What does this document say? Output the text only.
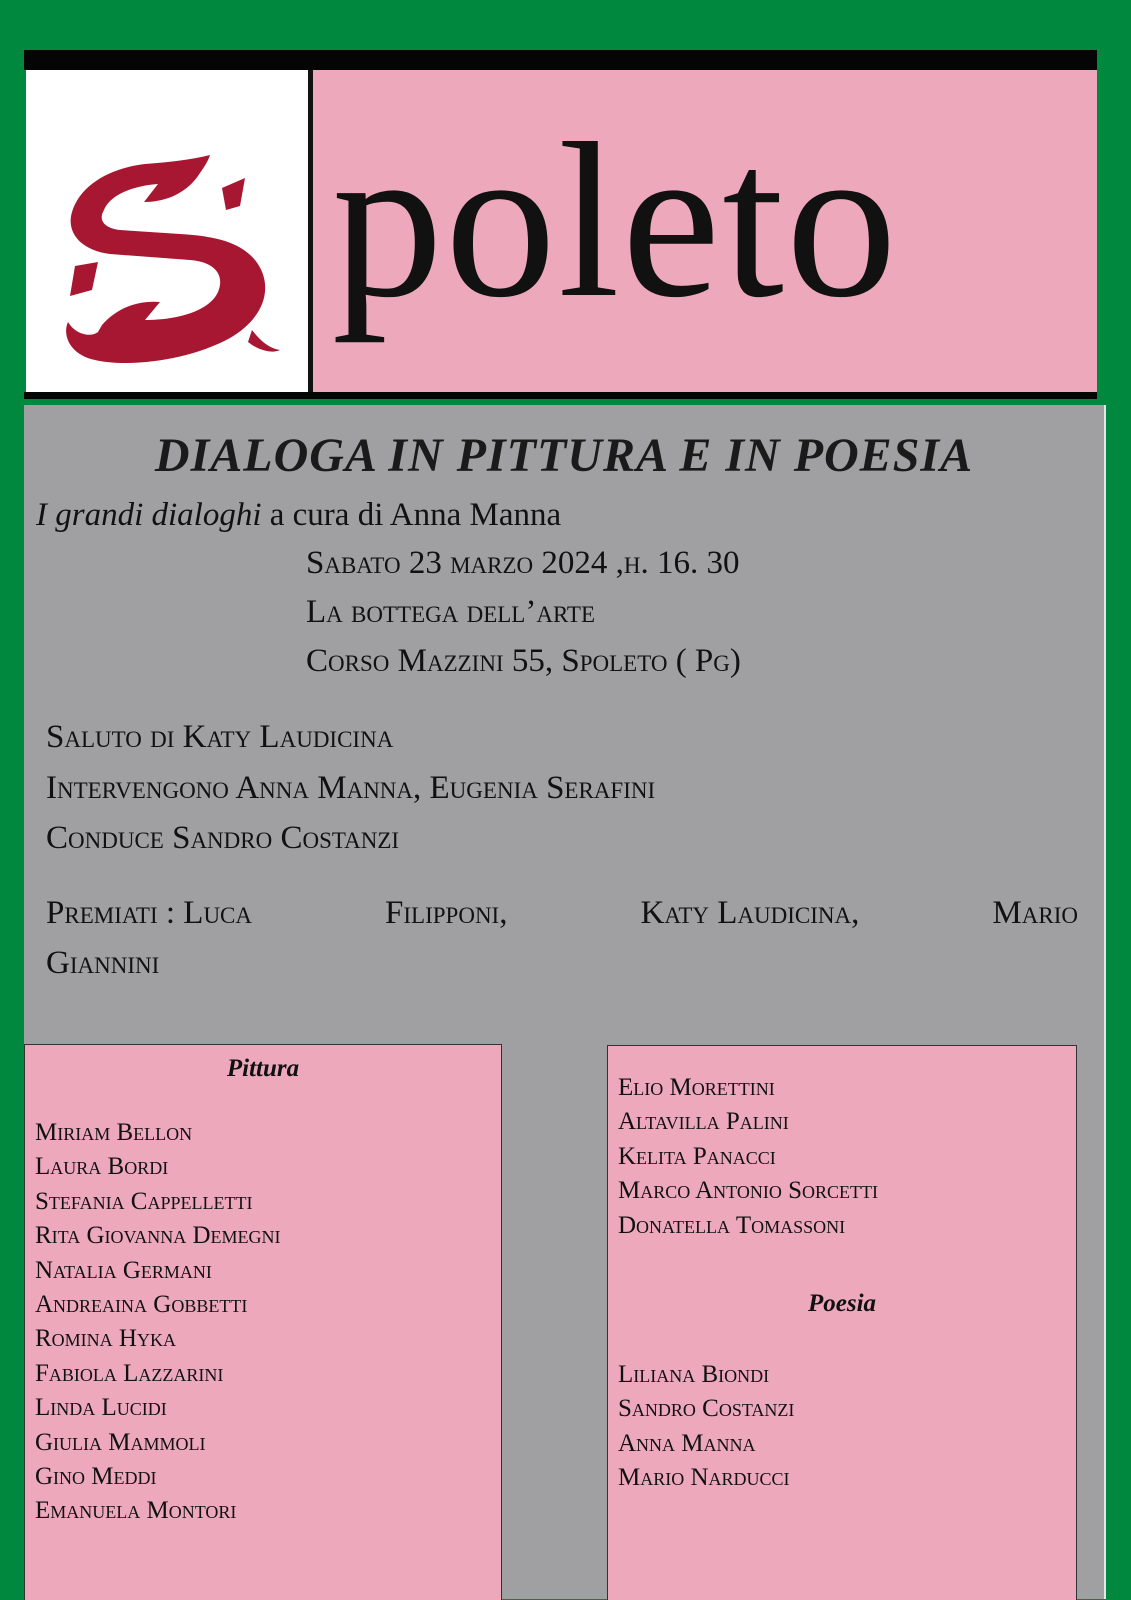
poleto
DIALOGA IN PITTURA E IN POESIA
I grandi dialoghi a cura di Anna Manna
Sabato 23 marzo 2024 ,h. 16. 30
La bottega dell’arte
Corso Mazzini 55, Spoleto ( Pg)
Saluto di Katy Laudicina
Intervengono Anna Manna, Eugenia Serafini
Conduce Sandro Costanzi
Premiati : Luca	Filipponi,	Katy Laudicina,	Mario
Giannini
Pittura
Miriam Bellon
Laura Bordi
Stefania Cappelletti
Rita Giovanna Demegni
Natalia Germani
Andreaina Gobbetti
Romina Hyka
Fabiola Lazzarini
Linda Lucidi
Giulia Mammoli
Gino Meddi
Emanuela Montori
Elio Morettini
Altavilla Palini
Kelita Panacci
Marco Antonio Sorcetti
Donatella Tomassoni
Poesia
Liliana Biondi
Sandro Costanzi
Anna Manna
Mario Narducci
